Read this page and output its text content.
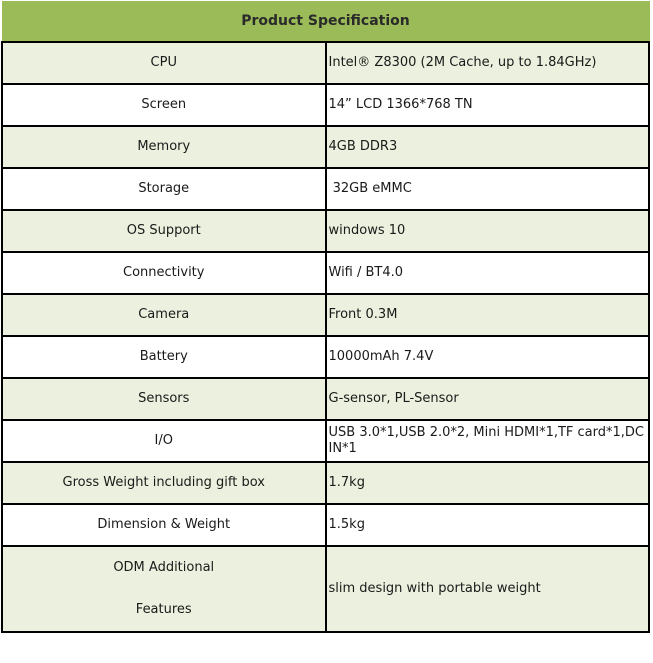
Product Specification	
CPU	Intel® Z8300 (2M Cache, up to 1.84GHz)
Screen	14” LCD 1366*768 TN
Memory	4GB DDR3
Storage	32GB eMMC
OS Support	windows 10
Connectivity	Wifi / BT4.0
Camera	Front 0.3M
Battery	10000mAh 7.4V
Sensors	G-sensor, PL-Sensor
I/O	USB 3.0*1,USB 2.0*2, Mini HDMI*1,TF card*1,DC IN*1
Gross Weight including gift box	1.7kg
Dimension & Weight	1.5kg

ODM Additional
Features	slim design with portable weight
